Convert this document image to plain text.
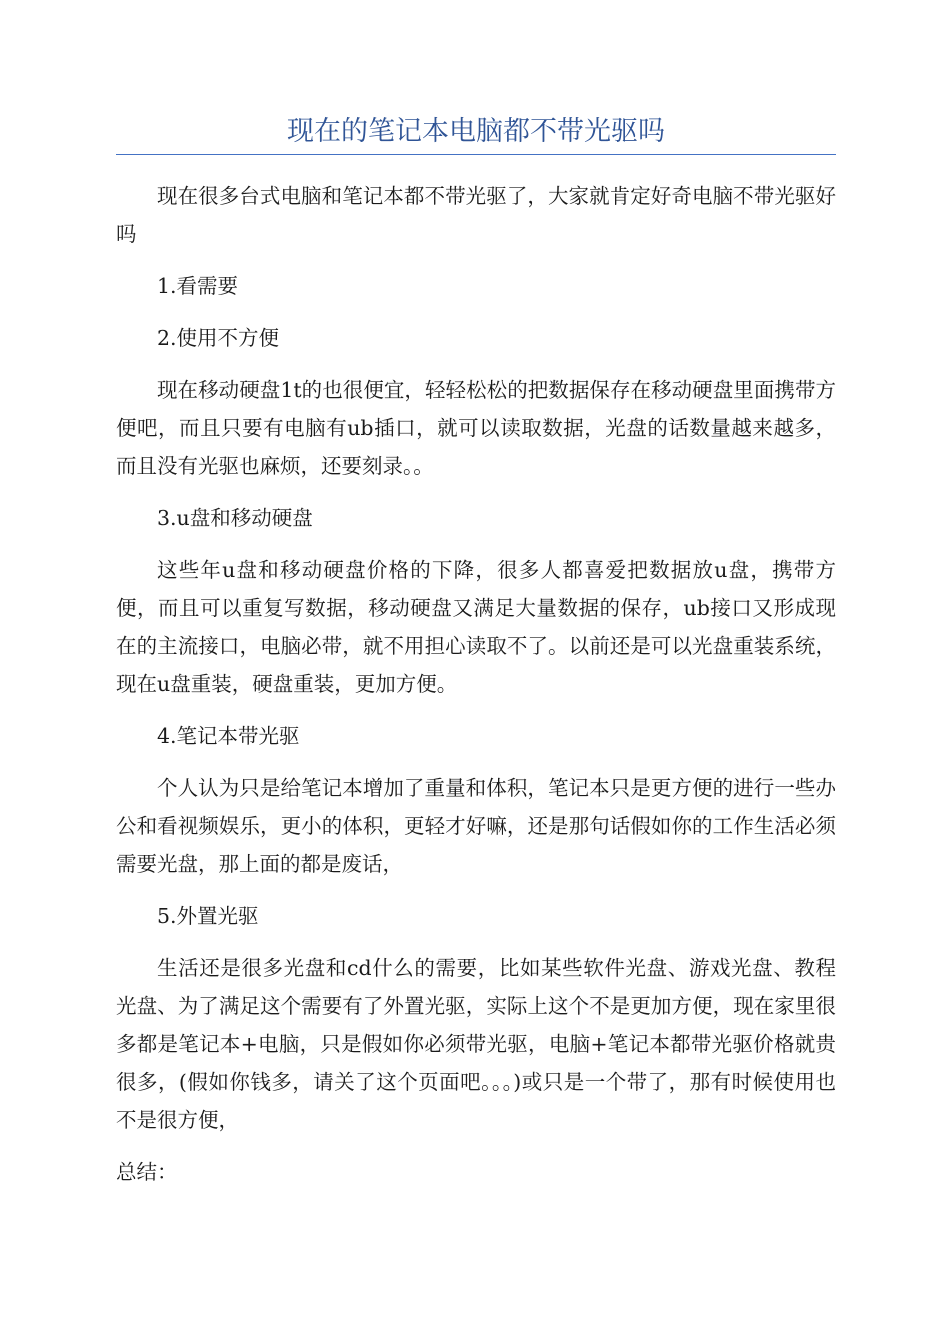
现在的笔记本电脑都不带光驱吗

现在很多台式电脑和笔记本都不带光驱了，大家就肯定好奇电脑不带光驱好吗

1.看需要

2.使用不方便

现在移动硬盘1t的也很便宜，轻轻松松的把数据保存在移动硬盘里面携带方便吧，而且只要有电脑有ub插口，就可以读取数据，光盘的话数量越来越多，而且没有光驱也麻烦，还要刻录。。

3.u盘和移动硬盘

这些年u盘和移动硬盘价格的下降，很多人都喜爱把数据放u盘，携带方便，而且可以重复写数据，移动硬盘又满足大量数据的保存，ub接口又形成现在的主流接口，电脑必带，就不用担心读取不了。以前还是可以光盘重装系统，现在u盘重装，硬盘重装，更加方便。

4.笔记本带光驱

个人认为只是给笔记本增加了重量和体积，笔记本只是更方便的进行一些办公和看视频娱乐，更小的体积，更轻才好嘛，还是那句话假如你的工作生活必须需要光盘，那上面的都是废话，

5.外置光驱

生活还是很多光盘和cd什么的需要，比如某些软件光盘、游戏光盘、教程光盘、为了满足这个需要有了外置光驱，实际上这个不是更加方便，现在家里很多都是笔记本+电脑，只是假如你必须带光驱，电脑+笔记本都带光驱价格就贵很多，(假如你钱多，请关了这个页面吧。。。)或只是一个带了，那有时候使用也不是很方便，

总结：
